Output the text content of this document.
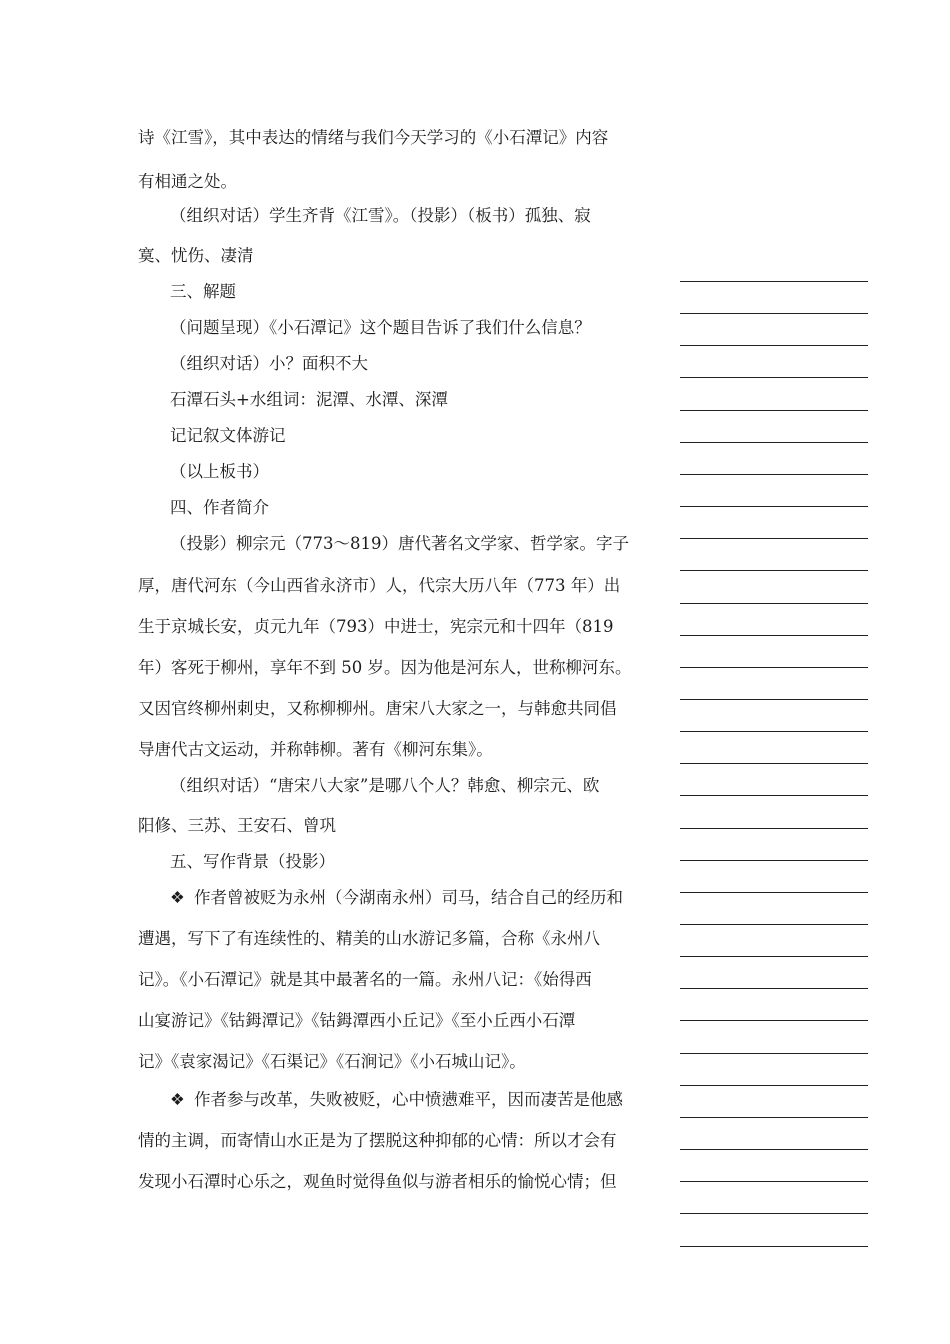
诗《江雪》，其中表达的情绪与我们今天学习的《小石潭记》内容
有相通之处。
（组织对话）学生齐背《江雪》。（投影）（板书）孤独、寂
寞、忧伤、凄清
三、解题
（问题呈现）《小石潭记》这个题目告诉了我们什么信息？
（组织对话）小？面积不大
石潭石头+水组词：泥潭、水潭、深潭
记记叙文体游记
（以上板书）
四、作者简介
（投影）柳宗元（773～819）唐代著名文学家、哲学家。字子
厚，唐代河东（今山西省永济市）人，代宗大历八年（773 年）出
生于京城长安，贞元九年（793）中进士，宪宗元和十四年（819
年）客死于柳州，享年不到 50 岁。因为他是河东人，世称柳河东。
又因官终柳州刺史，又称柳柳州。唐宋八大家之一，与韩愈共同倡
导唐代古文运动，并称韩柳。著有《柳河东集》。
（组织对话）“唐宋八大家”是哪八个人？韩愈、柳宗元、欧
阳修、三苏、王安石、曾巩
五、写作背景（投影）
❖ 作者曾被贬为永州（今湖南永州）司马，结合自己的经历和
遭遇，写下了有连续性的、精美的山水游记多篇，合称《永州八
记》。《小石潭记》就是其中最著名的一篇。永州八记：《始得西
山宴游记》《钴鉧潭记》《钴鉧潭西小丘记》《至小丘西小石潭
记》《袁家渴记》《石渠记》《石涧记》《小石城山记》。
❖ 作者参与改革，失败被贬，心中愤懑难平，因而凄苦是他感
情的主调，而寄情山水正是为了摆脱这种抑郁的心情：所以才会有
发现小石潭时心乐之，观鱼时觉得鱼似与游者相乐的愉悦心情；但
